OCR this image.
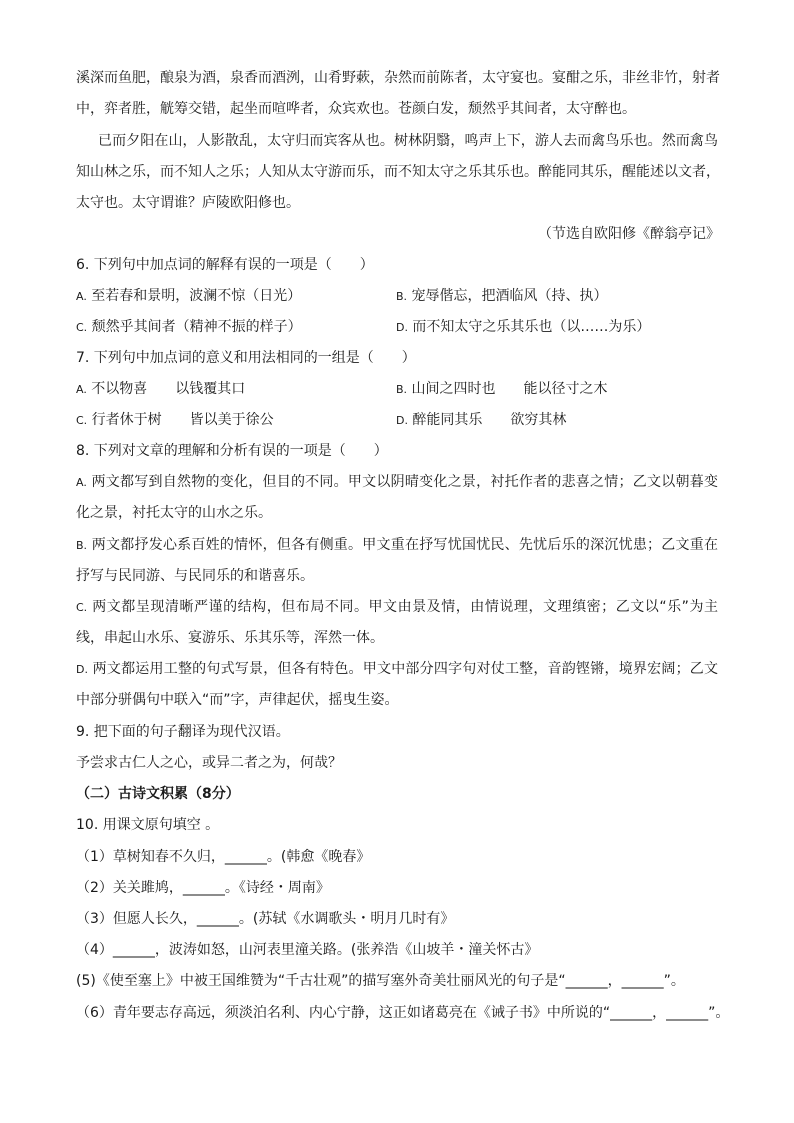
溪深而鱼肥，酿泉为酒，泉香而酒洌，山肴野蔌，杂然而前陈者，太守宴也。宴酣之乐，非丝非竹，射者
中，弈者胜，觥筹交错，起坐而喧哗者，众宾欢也。苍颜白发，颓然乎其间者，太守醉也。
已而夕阳在山，人影散乱，太守归而宾客从也。树林阴翳，鸣声上下，游人去而禽鸟乐也。然而禽鸟
知山林之乐，而不知人之乐；人知从太守游而乐，而不知太守之乐其乐也。醉能同其乐，醒能述以文者，
太守也。太守谓谁？庐陵欧阳修也。
（节选自欧阳修《醉翁亭记》
6. 下列句中加点词的解释有误的一项是（　　）
A. 至若春和景明，波澜不惊（日光）	B. 宠辱偕忘，把酒临风（持、执）
C. 颓然乎其间者（精神不振的样子）	D. 而不知太守之乐其乐也（以……为乐）
7. 下列句中加点词的意义和用法相同的一组是（　　）
A. 不以物喜　　以钱覆其口	B. 山间之四时也　　能以径寸之木
C. 行者休于树　　皆以美于徐公	D. 醉能同其乐　　欲穷其林
8. 下列对文章的理解和分析有误的一项是（　　）
A. 两文都写到自然物的变化，但目的不同。甲文以阴晴变化之景，衬托作者的悲喜之情；乙文以朝暮变
化之景，衬托太守的山水之乐。
B. 两文都抒发心系百姓的情怀，但各有侧重。甲文重在抒写忧国忧民、先忧后乐的深沉忧患；乙文重在
抒写与民同游、与民同乐的和谐喜乐。
C. 两文都呈现清晰严谨的结构，但布局不同。甲文由景及情，由情说理，文理缜密；乙文以“乐”为主
线，串起山水乐、宴游乐、乐其乐等，浑然一体。
D. 两文都运用工整的句式写景，但各有特色。甲文中部分四字句对仗工整，音韵铿锵，境界宏阔；乙文
中部分骈偶句中联入“而”字，声律起伏，摇曳生姿。
9. 把下面的句子翻译为现代汉语。
予尝求古仁人之心，或异二者之为，何哉？
（二）古诗文积累（8分）
10. 用课文原句填空 。
（1）草树知春不久归，______。(韩愈《晚春》
（2）关关雎鸠，______。《诗经・周南》
（3）但愿人长久，______。(苏轼《水调歌头・明月几时有》
（4）______，波涛如怒，山河表里潼关路。(张养浩《山坡羊・潼关怀古》
(5)《使至塞上》中被王国维赞为“千古壮观”的描写塞外奇美壮丽风光的句子是“______，______”。
（6）青年要志存高远，须淡泊名利、内心宁静，这正如诸葛亮在《诫子书》中所说的“______，______”。
